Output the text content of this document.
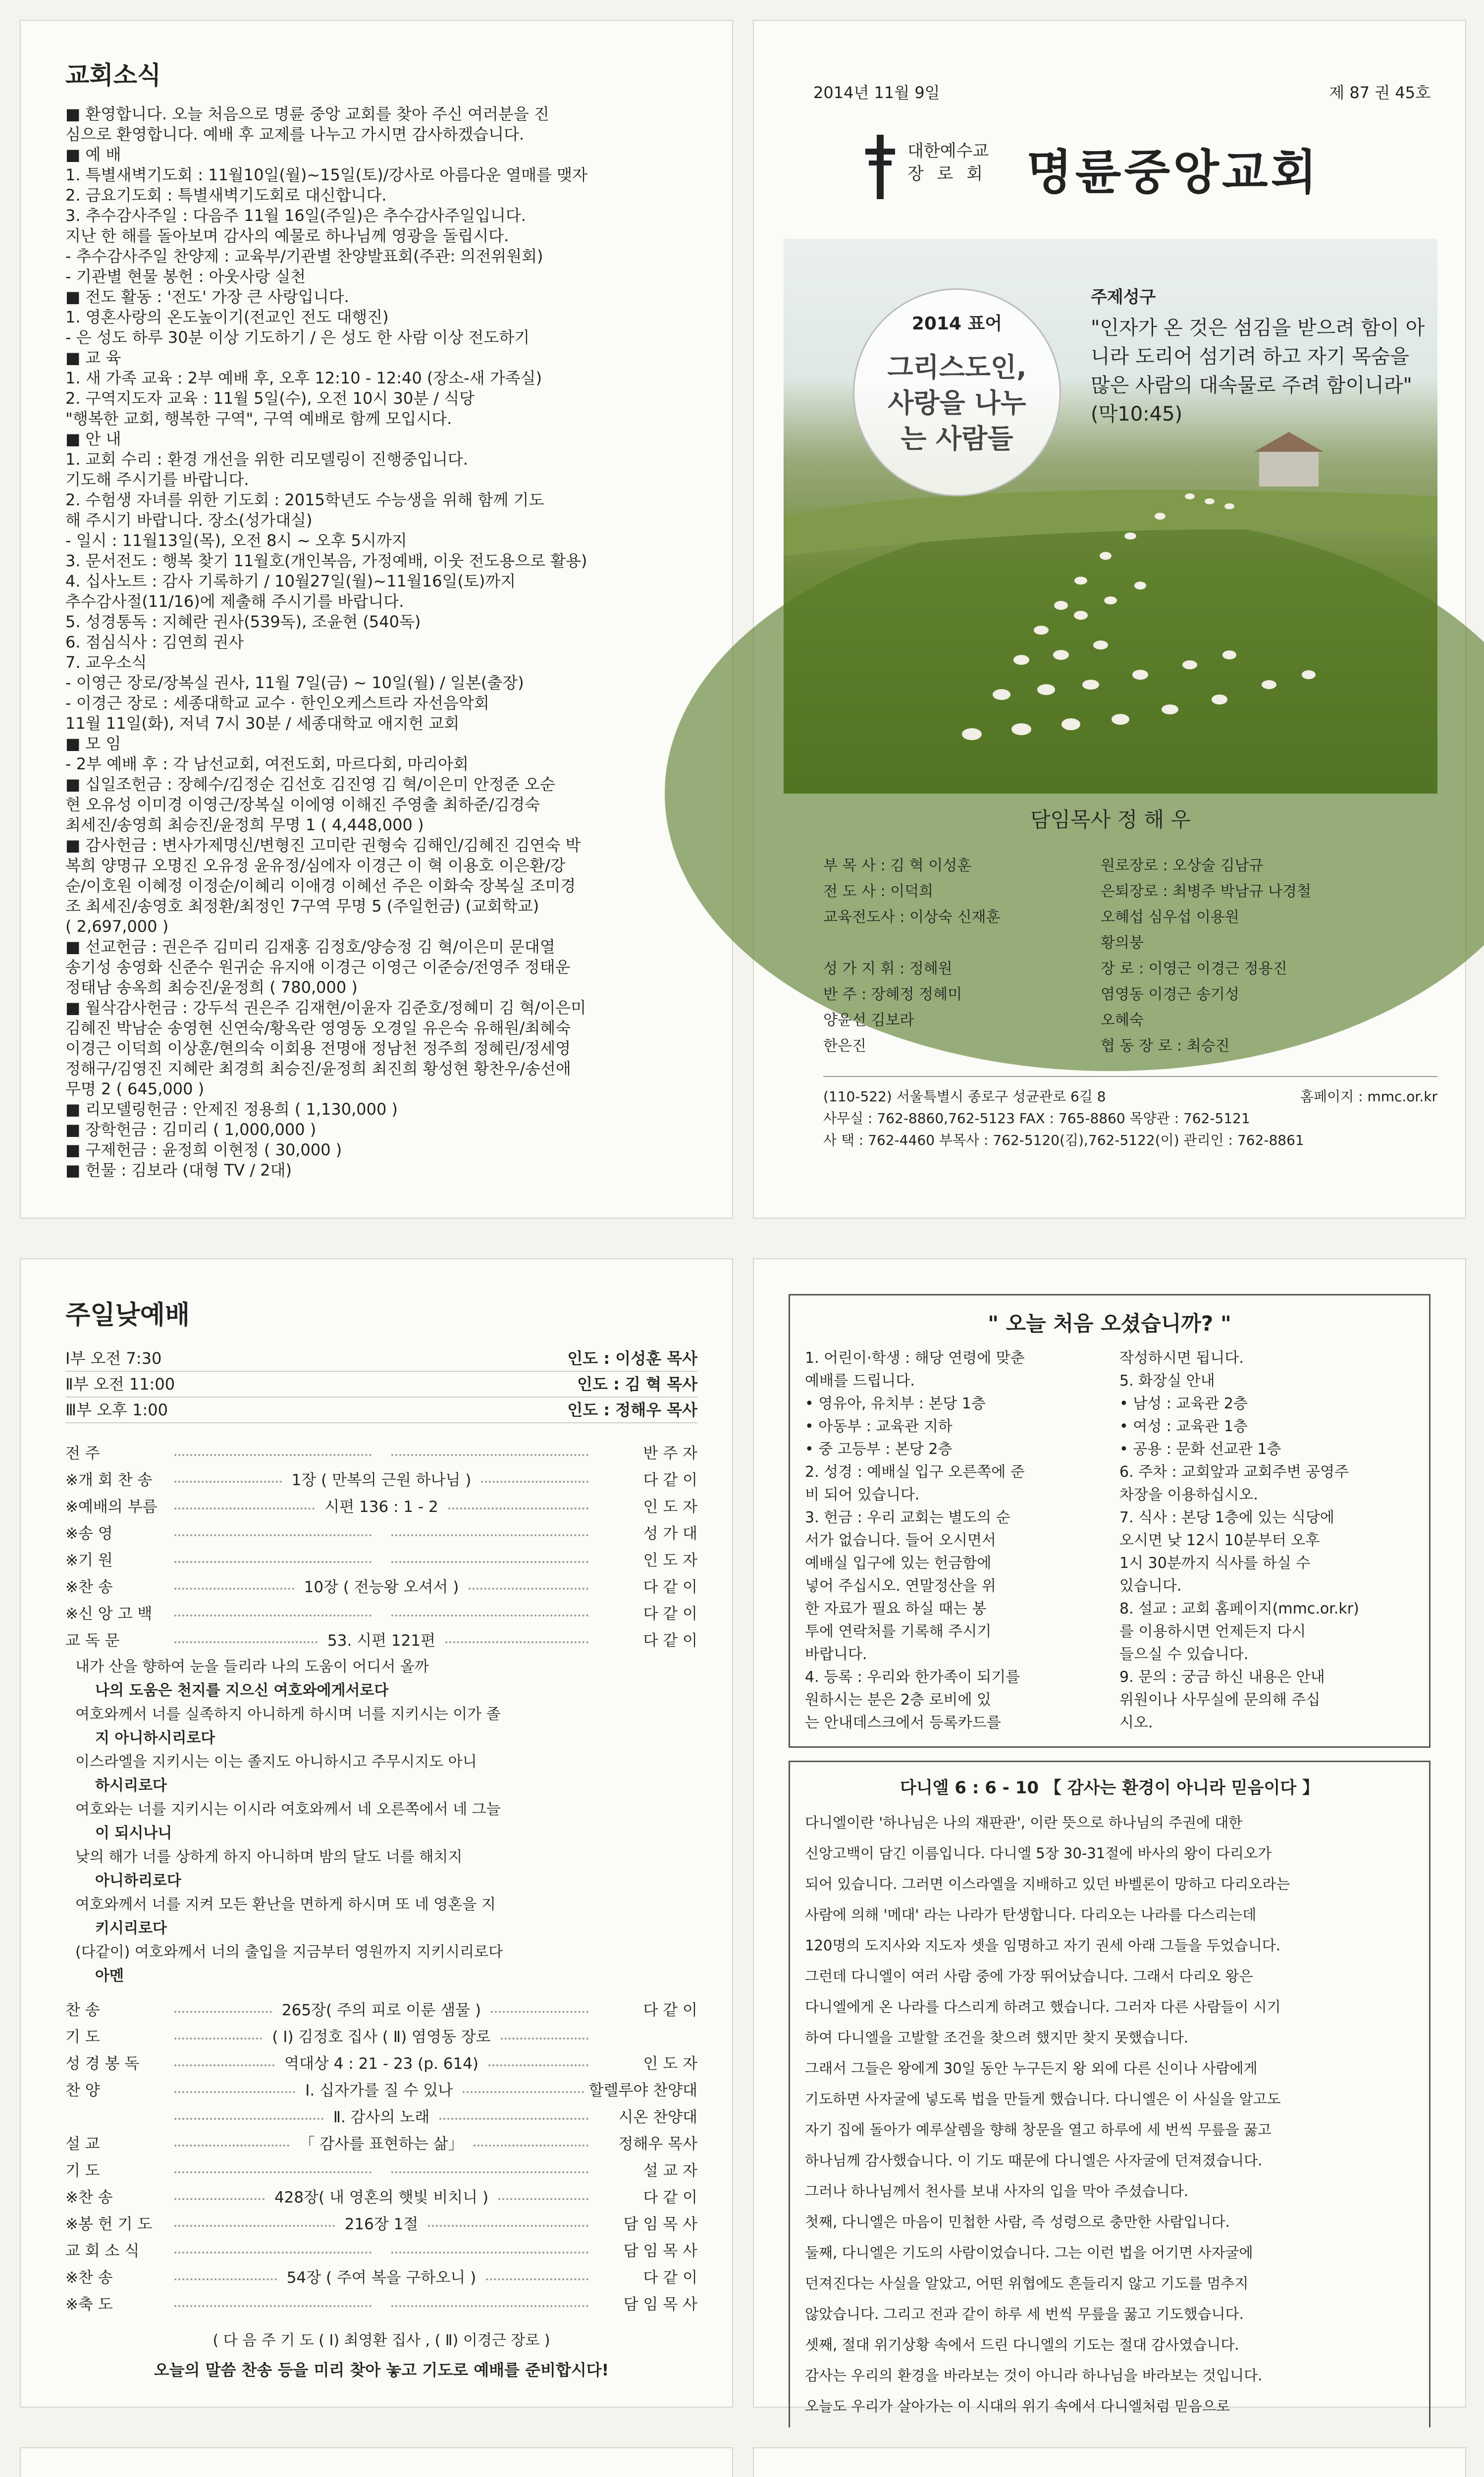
교회소식
■ 환영합니다. 오늘 처음으로 명륜 중앙 교회를 찾아 주신 여러분을 진
심으로 환영합니다. 예배 후 교제를 나누고 가시면 감사하겠습니다.
■ 예 배
1. 특별새벽기도회 : 11월10일(월)~15일(토)/강사로 아름다운 열매를 맺자
2. 금요기도회 : 특별새벽기도회로 대신합니다.
3. 추수감사주일 : 다음주 11월 16일(주일)은 추수감사주일입니다.
지난 한 해를 돌아보며 감사의 예물로 하나님께 영광을 돌립시다.
- 추수감사주일 찬양제 : 교육부/기관별 찬양발표회(주관: 의전위원회)
- 기관별 현물 봉헌 : 아웃사랑 실천
■ 전도 활동 : '전도' 가장 큰 사랑입니다.
1. 영혼사랑의 온도높이기(전교인 전도 대행진)
- 은 성도 하루 30분 이상 기도하기 / 은 성도 한 사람 이상 전도하기
■ 교 육
1. 새 가족 교육 : 2부 예배 후, 오후 12:10 - 12:40 (장소-새 가족실)
2. 구역지도자 교육 : 11월 5일(수), 오전 10시 30분 / 식당
"행복한 교회, 행복한 구역", 구역 예배로 함께 모입시다.
■ 안 내
1. 교회 수리 : 환경 개선을 위한 리모델링이 진행중입니다.
기도해 주시기를 바랍니다.
2. 수험생 자녀를 위한 기도회 : 2015학년도 수능생을 위해 함께 기도
해 주시기 바랍니다. 장소(성가대실)
- 일시 : 11월13일(목), 오전 8시 ~ 오후 5시까지
3. 문서전도 : 행복 찾기 11월호(개인복음, 가정예배, 이웃 전도용으로 활용)
4. 십사노트 : 감사 기록하기 / 10월27일(월)~11월16일(토)까지
추수감사절(11/16)에 제출해 주시기를 바랍니다.
5. 성경통독 : 지혜란 권사(539독), 조윤현 (540독)
6. 점심식사 : 김연희 권사
7. 교우소식
- 이영근 장로/장복실 권사, 11월 7일(금) ~ 10일(월) / 일본(출장)
- 이경근 장로 : 세종대학교 교수 · 한인오케스트라 자선음악회
11월 11일(화), 저녁 7시 30분 / 세종대학교 애지헌 교회
■ 모 임
- 2부 예배 후 : 각 남선교회, 여전도회, 마르다회, 마리아회
■ 십일조헌금 : 장혜수/김정순 김선호 김진영 김 혁/이은미 안정준 오순
현 오유성 이미경 이영근/장복실 이에영 이해진 주영출 최하준/김경숙
최세진/송영희 최승진/윤정희 무명 1 ( 4,448,000 )
■ 감사헌금 : 변사가제명신/변형진 고미란 권형숙 김해인/김혜진 김연숙 박
복희 양명규 오명진 오유정 윤유정/심에자 이경근 이 혁 이용호 이은환/강
순/이호원 이혜정 이정순/이혜리 이애경 이혜선 주은 이화숙 장복실 조미경
조 최세진/송영호 최정환/최정인 7구역 무명 5 (주일헌금) (교회학교)
( 2,697,000 )
■ 선교헌금 : 권은주 김미리 김재홍 김정호/양승정 김 혁/이은미 문대열
송기성 송영화 신준수 원귀순 유지애 이경근 이영근 이준승/전영주 정태운
정태남 송옥희 최승진/윤정희 ( 780,000 )
■ 월삭감사헌금 : 강두석 권은주 김재현/이윤자 김준호/정혜미 김 혁/이은미
김혜진 박남순 송영현 신연숙/황옥란 영영동 오경일 유은숙 유해원/최혜숙
이경근 이덕희 이상훈/현의숙 이회용 전명애 정남천 정주희 정혜린/정세영
정해구/김영진 지혜란 최경희 최승진/윤정희 최진희 황성현 황찬우/송선애
무명 2 ( 645,000 )
■ 리모델링헌금 : 안제진 정용희 ( 1,130,000 )
■ 장학헌금 : 김미리 ( 1,000,000 )
■ 구제헌금 : 윤정희 이현정 ( 30,000 )
■ 헌물 : 김보라 (대형 TV / 2대)
2014년 11월 9일	제 87 권 45호
대한예수교
장 로 회 명륜중앙교회
2014 표어
그리스도인, 사랑을 나누는 사람들
주제성구
"인자가 온 것은 섬김을 받으려 함이 아니라 도리어 섬기려 하고 자기 목숨을 많은 사람의 대속물로 주려 함이니라" (막10:45)
담임목사 정 해 우
부 목 사 : 김 혁 이성훈	원로장로 : 오상술 김남규
전 도 사 : 이덕희	은퇴장로 : 최병주 박남규 나경철
교육전도사 : 이상숙 신재훈	오혜섭 심우섭 이용원
황의붕
성 가 지 휘 : 정혜원	장 로 : 이영근 이경근 정용진
반 주 : 장혜정 정혜미	염영동 이경근 송기성
양윤선 김보라	오혜숙
한은진	협 동 장 로 : 최승진
(110-522) 서울특별시 종로구 성균관로 6길 8	홈페이지 : mmc.or.kr
사무실 : 762-8860,762-5123 FAX : 765-8860 목양관 : 762-5121
사 택 : 762-4460 부목사 : 762-5120(김),762-5122(이) 관리인 : 762-8861
주일낮예배
Ⅰ부 오전 7:30	인도 : 이성훈 목사
Ⅱ부 오전 11:00	인도 : 김 혁 목사
Ⅲ부 오후 1:00	인도 : 정해우 목사
전 주	반 주 자
※개 회 찬 송	1장 ( 만복의 근원 하나님 )	다 같 이
※예배의 부름	시편 136 : 1 - 2	인 도 자
※송 영	성 가 대
※기 원	인 도 자
※찬 송	10장 ( 전능왕 오셔서 )	다 같 이
※신 앙 고 백	다 같 이
교 독 문	53. 시편 121편	다 같 이
내가 산을 향하여 눈을 들리라 나의 도움이 어디서 올까
나의 도움은 천지를 지으신 여호와에게서로다
여호와께서 너를 실족하지 아니하게 하시며 너를 지키시는 이가 졸
지 아니하시리로다
이스라엘을 지키시는 이는 졸지도 아니하시고 주무시지도 아니
하시리로다
여호와는 너를 지키시는 이시라 여호와께서 네 오른쪽에서 네 그늘
이 되시나니
낮의 해가 너를 상하게 하지 아니하며 밤의 달도 너를 해치지
아니하리로다
여호와께서 너를 지켜 모든 환난을 면하게 하시며 또 네 영혼을 지
키시리로다
(다같이) 여호와께서 너의 출입을 지금부터 영원까지 지키시리로다
아멘
찬 송	265장( 주의 피로 이룬 샘물 )	다 같 이
기 도	( Ⅰ) 김정호 집사 ( Ⅱ) 염영동 장로
성 경 봉 독	역대상 4 : 21 - 23 (p. 614)	인 도 자
찬 양	Ⅰ. 십자가를 질 수 있나	할렐루야 찬양대
Ⅱ. 감사의 노래	시온 찬양대
설 교	「 감사를 표현하는 삶」	정해우 목사
기 도	설 교 자
※찬 송	428장( 내 영혼의 햇빛 비치니 )	다 같 이
※봉 헌 기 도	216장 1절	담 임 목 사
교 회 소 식	담 임 목 사
※찬 송	54장 ( 주여 복을 구하오니 )	다 같 이
※축 도	담 임 목 사
( 다 음 주 기 도 ( Ⅰ) 최영환 집사 , ( Ⅱ) 이경근 장로 )
오늘의 말씀 찬송 등을 미리 찾아 놓고 기도로 예배를 준비합시다!
" 오늘 처음 오셨습니까? "
1. 어린이·학생 : 해당 연령에 맞춘
예배를 드립니다.
• 영유아, 유치부 : 본당 1층
• 아동부 : 교육관 지하
• 중 고등부 : 본당 2층
2. 성경 : 예배실 입구 오른쪽에 준
비 되어 있습니다.
3. 헌금 : 우리 교회는 별도의 순
서가 없습니다. 들어 오시면서
예배실 입구에 있는 헌금함에
넣어 주십시오. 연말정산을 위
한 자료가 필요 하실 때는 봉
투에 연락처를 기록해 주시기
바랍니다.
4. 등록 : 우리와 한가족이 되기를
원하시는 분은 2층 로비에 있
는 안내데스크에서 등록카드를
작성하시면 됩니다.
5. 화장실 안내
• 남성 : 교육관 2층
• 여성 : 교육관 1층
• 공용 : 문화 선교관 1층
6. 주차 : 교회앞과 교회주변 공영주
차장을 이용하십시오.
7. 식사 : 본당 1층에 있는 식당에
오시면 낮 12시 10분부터 오후
1시 30분까지 식사를 하실 수
있습니다.
8. 설교 : 교회 홈페이지(mmc.or.kr)
를 이용하시면 언제든지 다시
들으실 수 있습니다.
9. 문의 : 궁금 하신 내용은 안내
위원이나 사무실에 문의해 주십
시오.
다니엘 6 : 6 - 10 【 감사는 환경이 아니라 믿음이다 】
다니엘이란 '하나님은 나의 재판관', 이란 뜻으로 하나님의 주권에 대한
신앙고백이 담긴 이름입니다. 다니엘 5장 30-31절에 바사의 왕이 다리오가
되어 있습니다. 그러면 이스라엘을 지배하고 있던 바벨론이 망하고 다리오라는
사람에 의해 '메대' 라는 나라가 탄생합니다. 다리오는 나라를 다스리는데
120명의 도지사와 지도자 셋을 임명하고 자기 권세 아래 그들을 두었습니다.
그런데 다니엘이 여러 사람 중에 가장 뛰어났습니다. 그래서 다리오 왕은
다니엘에게 온 나라를 다스리게 하려고 했습니다. 그러자 다른 사람들이 시기
하여 다니엘을 고발할 조건을 찾으려 했지만 찾지 못했습니다.
그래서 그들은 왕에게 30일 동안 누구든지 왕 외에 다른 신이나 사람에게
기도하면 사자굴에 넣도록 법을 만들게 했습니다. 다니엘은 이 사실을 알고도
자기 집에 돌아가 예루살렘을 향해 창문을 열고 하루에 세 번씩 무릎을 꿇고
하나님께 감사했습니다. 이 기도 때문에 다니엘은 사자굴에 던져졌습니다.
그러나 하나님께서 천사를 보내 사자의 입을 막아 주셨습니다.
첫째, 다니엘은 마음이 민첩한 사람, 즉 성령으로 충만한 사람입니다.
둘째, 다니엘은 기도의 사람이었습니다. 그는 이런 법을 어기면 사자굴에
던져진다는 사실을 알았고, 어떤 위협에도 흔들리지 않고 기도를 멈추지
않았습니다. 그리고 전과 같이 하루 세 번씩 무릎을 꿇고 기도했습니다.
셋째, 절대 위기상황 속에서 드린 다니엘의 기도는 절대 감사였습니다.
감사는 우리의 환경을 바라보는 것이 아니라 하나님을 바라보는 것입니다.
오늘도 우리가 살아가는 이 시대의 위기 속에서 다니엘처럼 믿음으로
